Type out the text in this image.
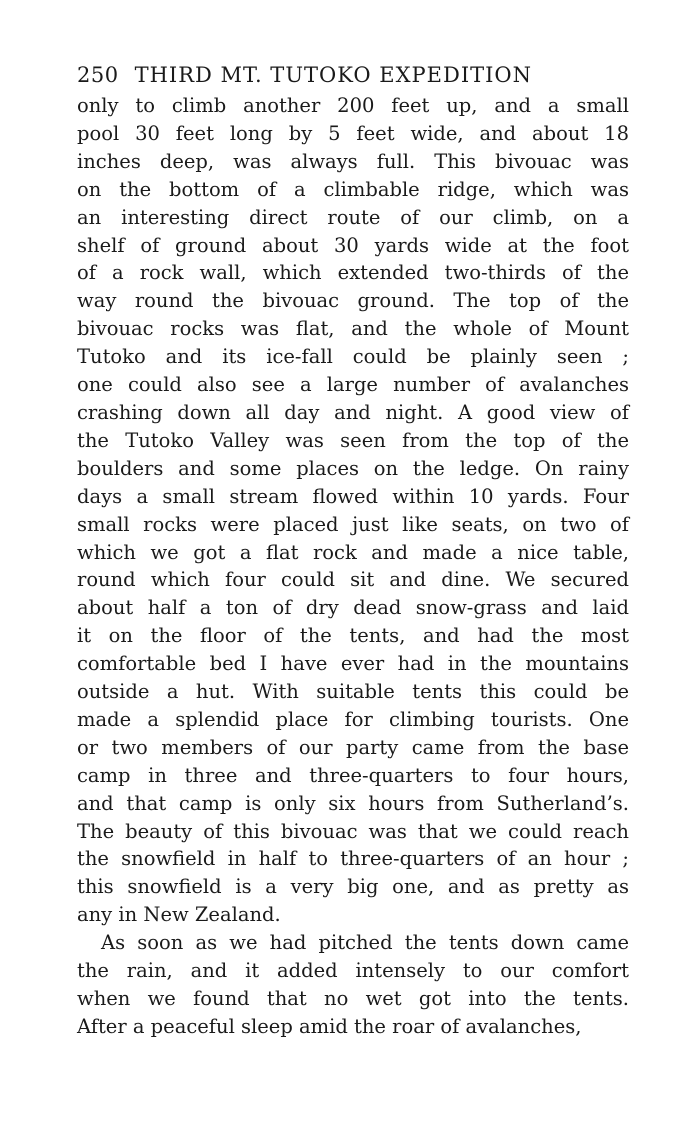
250 THIRD MT. TUTOKO EXPEDITION

only to climb another 200 feet up, and a small
pool 30 feet long by 5 feet wide, and about 18
inches deep, was always full. This bivouac was
on the bottom of a climbable ridge, which was
an interesting direct route of our climb, on a
shelf of ground about 30 yards wide at the foot
of a rock wall, which extended two-thirds of the
way round the bivouac ground. The top of the
bivouac rocks was flat, and the whole of Mount
Tutoko and its ice-fall could be plainly seen ;
one could also see a large number of avalanches
crashing down all day and night. A good view of
the Tutoko Valley was seen from the top of the
boulders and some places on the ledge. On rainy
days a small stream flowed within 10 yards. Four
small rocks were placed just like seats, on two of
which we got a flat rock and made a nice table,
round which four could sit and dine. We secured
about half a ton of dry dead snow-grass and laid
it on the floor of the tents, and had the most
comfortable bed I have ever had in the mountains
outside a hut. With suitable tents this could be
made a splendid place for climbing tourists. One
or two members of our party came from the base
camp in three and three-quarters to four hours,
and that camp is only six hours from Sutherland’s.
The beauty of this bivouac was that we could reach
the snowfield in half to three-quarters of an hour ;
this snowfield is a very big one, and as pretty as
any in New Zealand.

As soon as we had pitched the tents down came
the rain, and it added intensely to our comfort
when we found that no wet got into the tents.
After a peaceful sleep amid the roar of avalanches,
